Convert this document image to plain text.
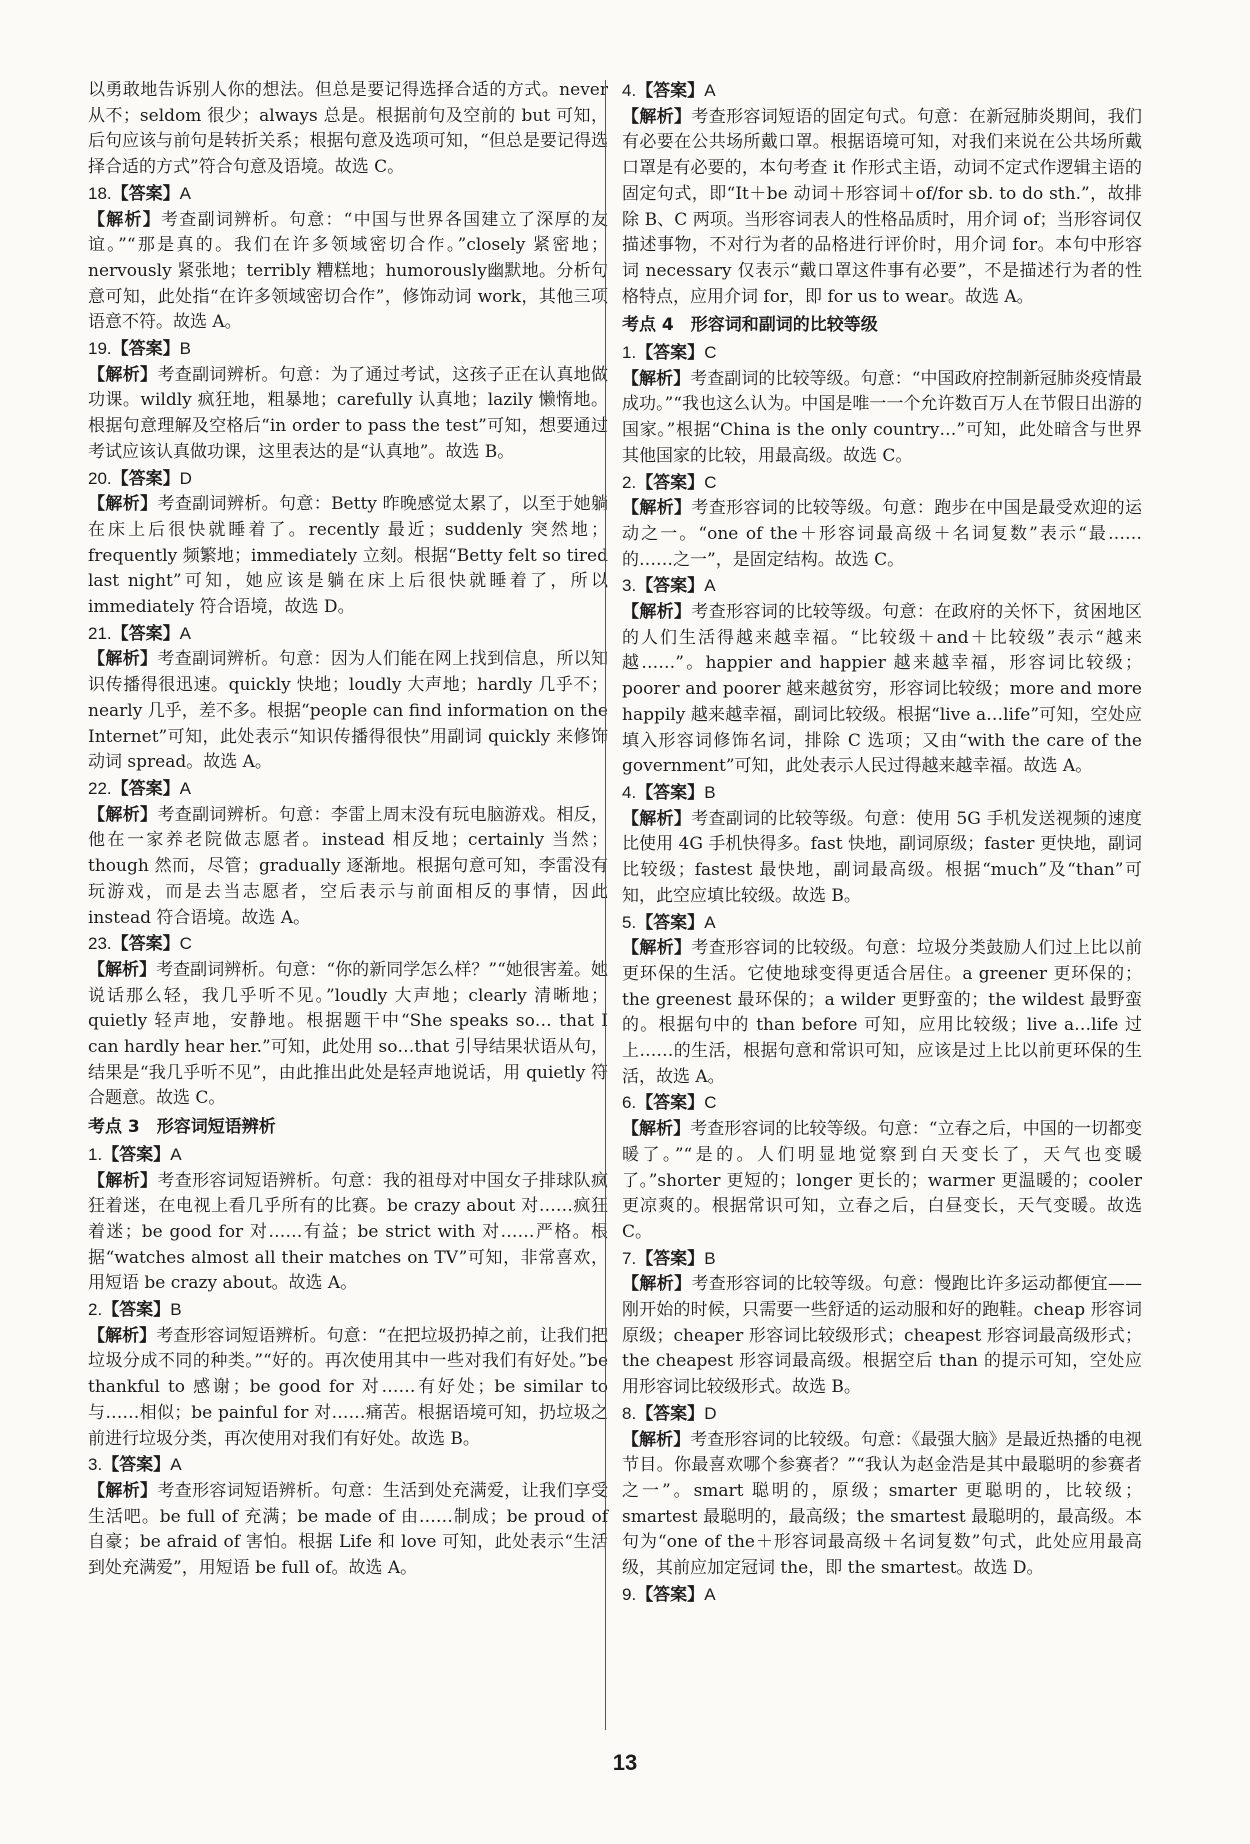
以勇敢地告诉别人你的想法。但总是要记得选择合适的方式。never 从不；seldom 很少；always 总是。根据前句及空前的 but 可知，后句应该与前句是转折关系；根据句意及选项可知，“但总是要记得选择合适的方式”符合句意及语境。故选 C。

18.【答案】A

【解析】考查副词辨析。句意：“中国与世界各国建立了深厚的友谊。”“那是真的。我们在许多领域密切合作。”closely 紧密地；nervously 紧张地；terribly 糟糕地；humorously幽默地。分析句意可知，此处指“在许多领域密切合作”，修饰动词 work，其他三项语意不符。故选 A。

19.【答案】B

【解析】考查副词辨析。句意：为了通过考试，这孩子正在认真地做功课。wildly 疯狂地，粗暴地；carefully 认真地；lazily 懒惰地。根据句意理解及空格后“in order to pass the test”可知，想要通过考试应该认真做功课，这里表达的是“认真地”。故选 B。

20.【答案】D

【解析】考查副词辨析。句意：Betty 昨晚感觉太累了，以至于她躺在床上后很快就睡着了。recently 最近；suddenly 突然地；frequently 频繁地；immediately 立刻。根据“Betty felt so tired last night”可知，她应该是躺在床上后很快就睡着了，所以 immediately 符合语境，故选 D。

21.【答案】A

【解析】考查副词辨析。句意：因为人们能在网上找到信息，所以知识传播得很迅速。quickly 快地；loudly 大声地；hardly 几乎不；nearly 几乎，差不多。根据“people can find information on the Internet”可知，此处表示“知识传播得很快”用副词 quickly 来修饰动词 spread。故选 A。

22.【答案】A

【解析】考查副词辨析。句意：李雷上周末没有玩电脑游戏。相反，他在一家养老院做志愿者。instead 相反地；certainly 当然；though 然而，尽管；gradually 逐渐地。根据句意可知，李雷没有玩游戏，而是去当志愿者，空后表示与前面相反的事情，因此 instead 符合语境。故选 A。

23.【答案】C

【解析】考查副词辨析。句意：“你的新同学怎么样？”“她很害羞。她说话那么轻，我几乎听不见。”loudly 大声地；clearly 清晰地；quietly 轻声地，安静地。根据题干中“She speaks so… that I can hardly hear her.”可知，此处用 so…that 引导结果状语从句，结果是“我几乎听不见”，由此推出此处是轻声地说话，用 quietly 符合题意。故选 C。

考点 3　形容词短语辨析
1.【答案】A

【解析】考查形容词短语辨析。句意：我的祖母对中国女子排球队疯狂着迷，在电视上看几乎所有的比赛。be crazy about 对……疯狂着迷；be good for 对……有益；be strict with 对……严格。根据“watches almost all their matches on TV”可知，非常喜欢，用短语 be crazy about。故选 A。

2.【答案】B

【解析】考查形容词短语辨析。句意：“在把垃圾扔掉之前，让我们把垃圾分成不同的种类。”“好的。再次使用其中一些对我们有好处。”be thankful to 感谢；be good for 对……有好处；be similar to 与……相似；be painful for 对……痛苦。根据语境可知，扔垃圾之前进行垃圾分类，再次使用对我们有好处。故选 B。

3.【答案】A

【解析】考查形容词短语辨析。句意：生活到处充满爱，让我们享受生活吧。be full of 充满；be made of 由……制成；be proud of 自豪；be afraid of 害怕。根据 Life 和 love 可知，此处表示“生活到处充满爱”，用短语 be full of。故选 A。

4.【答案】A

【解析】考查形容词短语的固定句式。句意：在新冠肺炎期间，我们有必要在公共场所戴口罩。根据语境可知，对我们来说在公共场所戴口罩是有必要的，本句考查 it 作形式主语，动词不定式作逻辑主语的固定句式，即“It＋be 动词＋形容词＋of/for sb. to do sth.”，故排除 B、C 两项。当形容词表人的性格品质时，用介词 of；当形容词仅描述事物，不对行为者的品格进行评价时，用介词 for。本句中形容词 necessary 仅表示“戴口罩这件事有必要”，不是描述行为者的性格特点，应用介词 for，即 for us to wear。故选 A。

考点 4　形容词和副词的比较等级
1.【答案】C

【解析】考查副词的比较等级。句意：“中国政府控制新冠肺炎疫情最成功。”“我也这么认为。中国是唯一一个允许数百万人在节假日出游的国家。”根据“China is the only country…”可知，此处暗含与世界其他国家的比较，用最高级。故选 C。

2.【答案】C

【解析】考查形容词的比较等级。句意：跑步在中国是最受欢迎的运动之一。“one of the＋形容词最高级＋名词复数”表示“最……的……之一”，是固定结构。故选 C。

3.【答案】A

【解析】考查形容词的比较等级。句意：在政府的关怀下，贫困地区的人们生活得越来越幸福。“比较级＋and＋比较级”表示“越来越……”。happier and happier 越来越幸福，形容词比较级；poorer and poorer 越来越贫穷，形容词比较级；more and more happily 越来越幸福，副词比较级。根据“live a…life”可知，空处应填入形容词修饰名词，排除 C 选项；又由“with the care of the government”可知，此处表示人民过得越来越幸福。故选 A。

4.【答案】B

【解析】考查副词的比较等级。句意：使用 5G 手机发送视频的速度比使用 4G 手机快得多。fast 快地，副词原级；faster 更快地，副词比较级；fastest 最快地，副词最高级。根据“much”及“than”可知，此空应填比较级。故选 B。

5.【答案】A

【解析】考查形容词的比较级。句意：垃圾分类鼓励人们过上比以前更环保的生活。它使地球变得更适合居住。a greener 更环保的；the greenest 最环保的；a wilder 更野蛮的；the wildest 最野蛮的。根据句中的 than before 可知，应用比较级；live a…life 过上……的生活，根据句意和常识可知，应该是过上比以前更环保的生活，故选 A。

6.【答案】C

【解析】考查形容词的比较等级。句意：“立春之后，中国的一切都变暖了。”“是的。人们明显地觉察到白天变长了，天气也变暖了。”shorter 更短的；longer 更长的；warmer 更温暖的；cooler 更凉爽的。根据常识可知，立春之后，白昼变长，天气变暖。故选 C。

7.【答案】B

【解析】考查形容词的比较等级。句意：慢跑比许多运动都便宜——刚开始的时候，只需要一些舒适的运动服和好的跑鞋。cheap 形容词原级；cheaper 形容词比较级形式；cheapest 形容词最高级形式；the cheapest 形容词最高级。根据空后 than 的提示可知，空处应用形容词比较级形式。故选 B。

8.【答案】D

【解析】考查形容词的比较级。句意：《最强大脑》是最近热播的电视节目。你最喜欢哪个参赛者？”“我认为赵金浩是其中最聪明的参赛者之一”。smart 聪明的，原级；smarter 更聪明的，比较级；smartest 最聪明的，最高级；the smartest 最聪明的，最高级。本句为“one of the＋形容词最高级＋名词复数”句式，此处应用最高级，其前应加定冠词 the，即 the smartest。故选 D。

9.【答案】A
13
